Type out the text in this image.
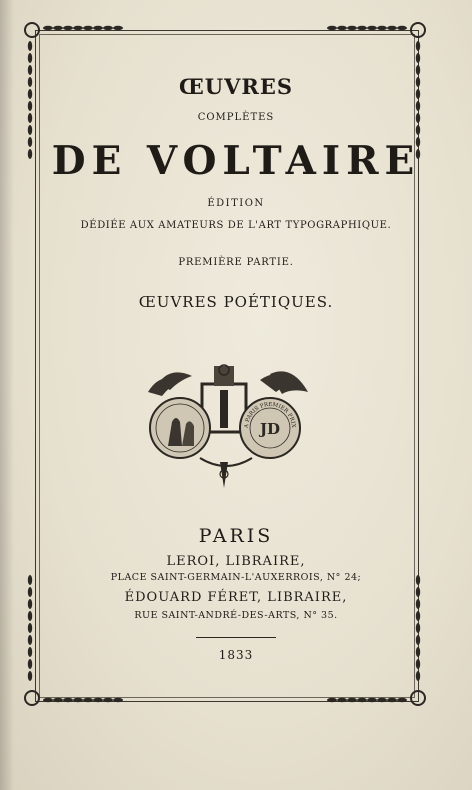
ŒUVRES
COMPLÈTES
DE VOLTAIRE
ÉDITION
DÉDIÉE AUX AMATEURS DE L'ART TYPOGRAPHIQUE.
PREMIÈRE PARTIE.
ŒUVRES POÉTIQUES.
JD
A PARIS PREMIER PRIX
PARIS
LEROI, LIBRAIRE,
PLACE SAINT-GERMAIN-L'AUXERROIS, N° 24;
ÉDOUARD FÉRET, LIBRAIRE,
RUE SAINT-ANDRÉ-DES-ARTS, N° 35.
1833
